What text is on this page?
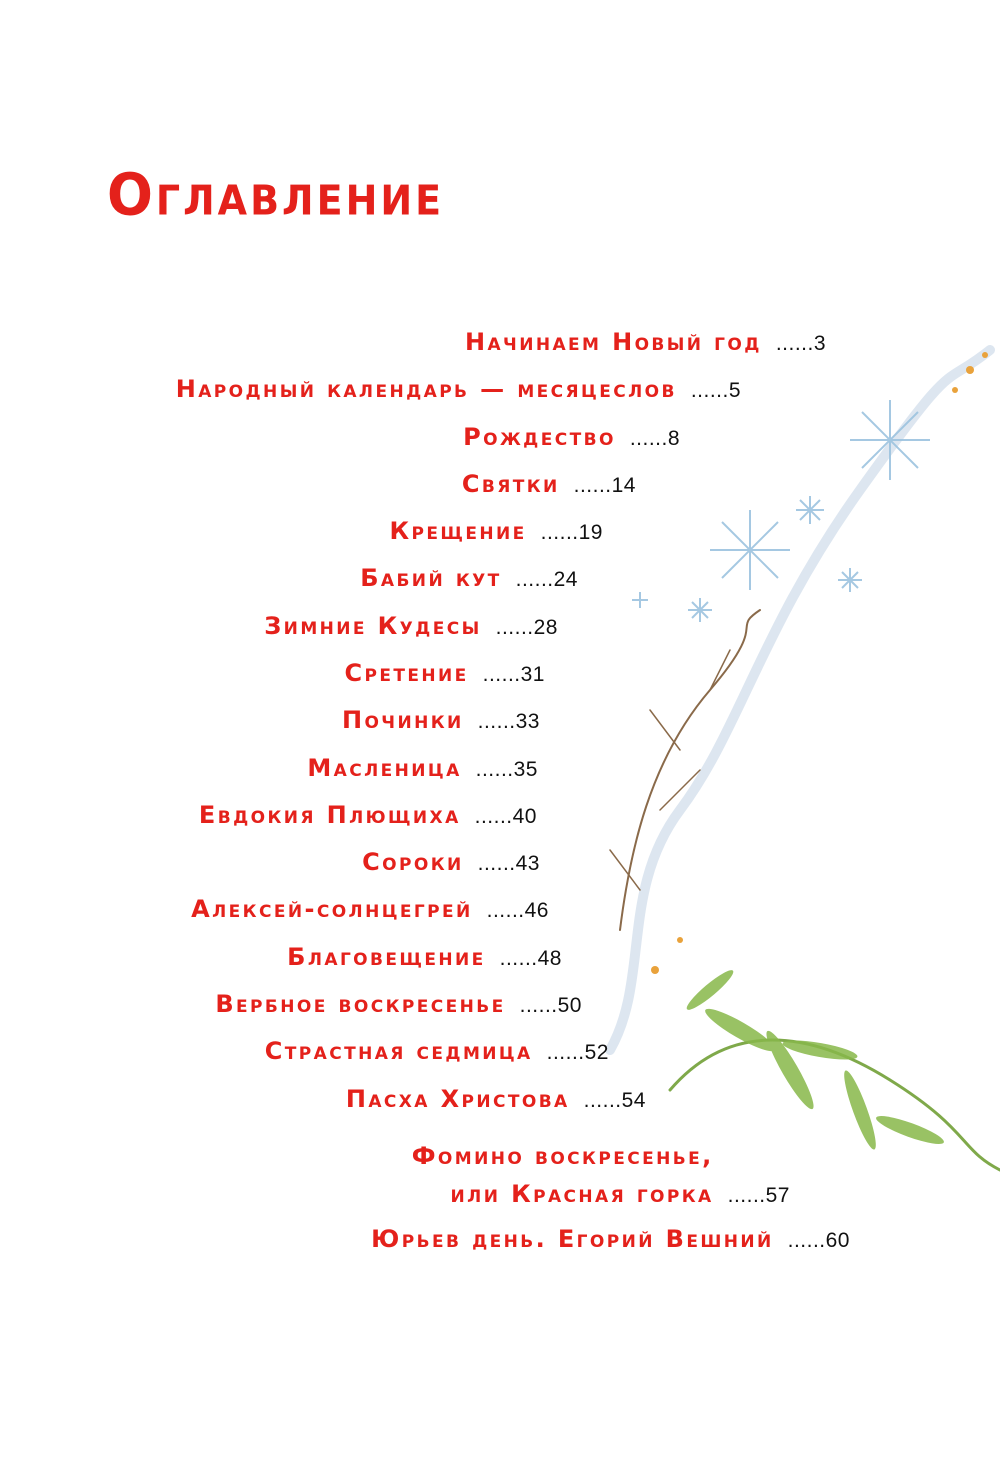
Оглавление
Начинаем Новый год ......3
Народный календарь — месяцеслов ......5
Рождество ......8
Святки ......14
Крещение ......19
Бабий кут ......24
Зимние Кудесы ......28
Сретение ......31
Починки ......33
Масленица ......35
Евдокия Плющиха ......40
Сороки ......43
Алексей-солнцегрей ......46
Благовещение ......48
Вербное воскресенье ......50
Страстная седмица ......52
Пасха Христова ......54
Фомино воскресенье,
или Красная горка ......57
Юрьев день. Егорий Вешний ......60
